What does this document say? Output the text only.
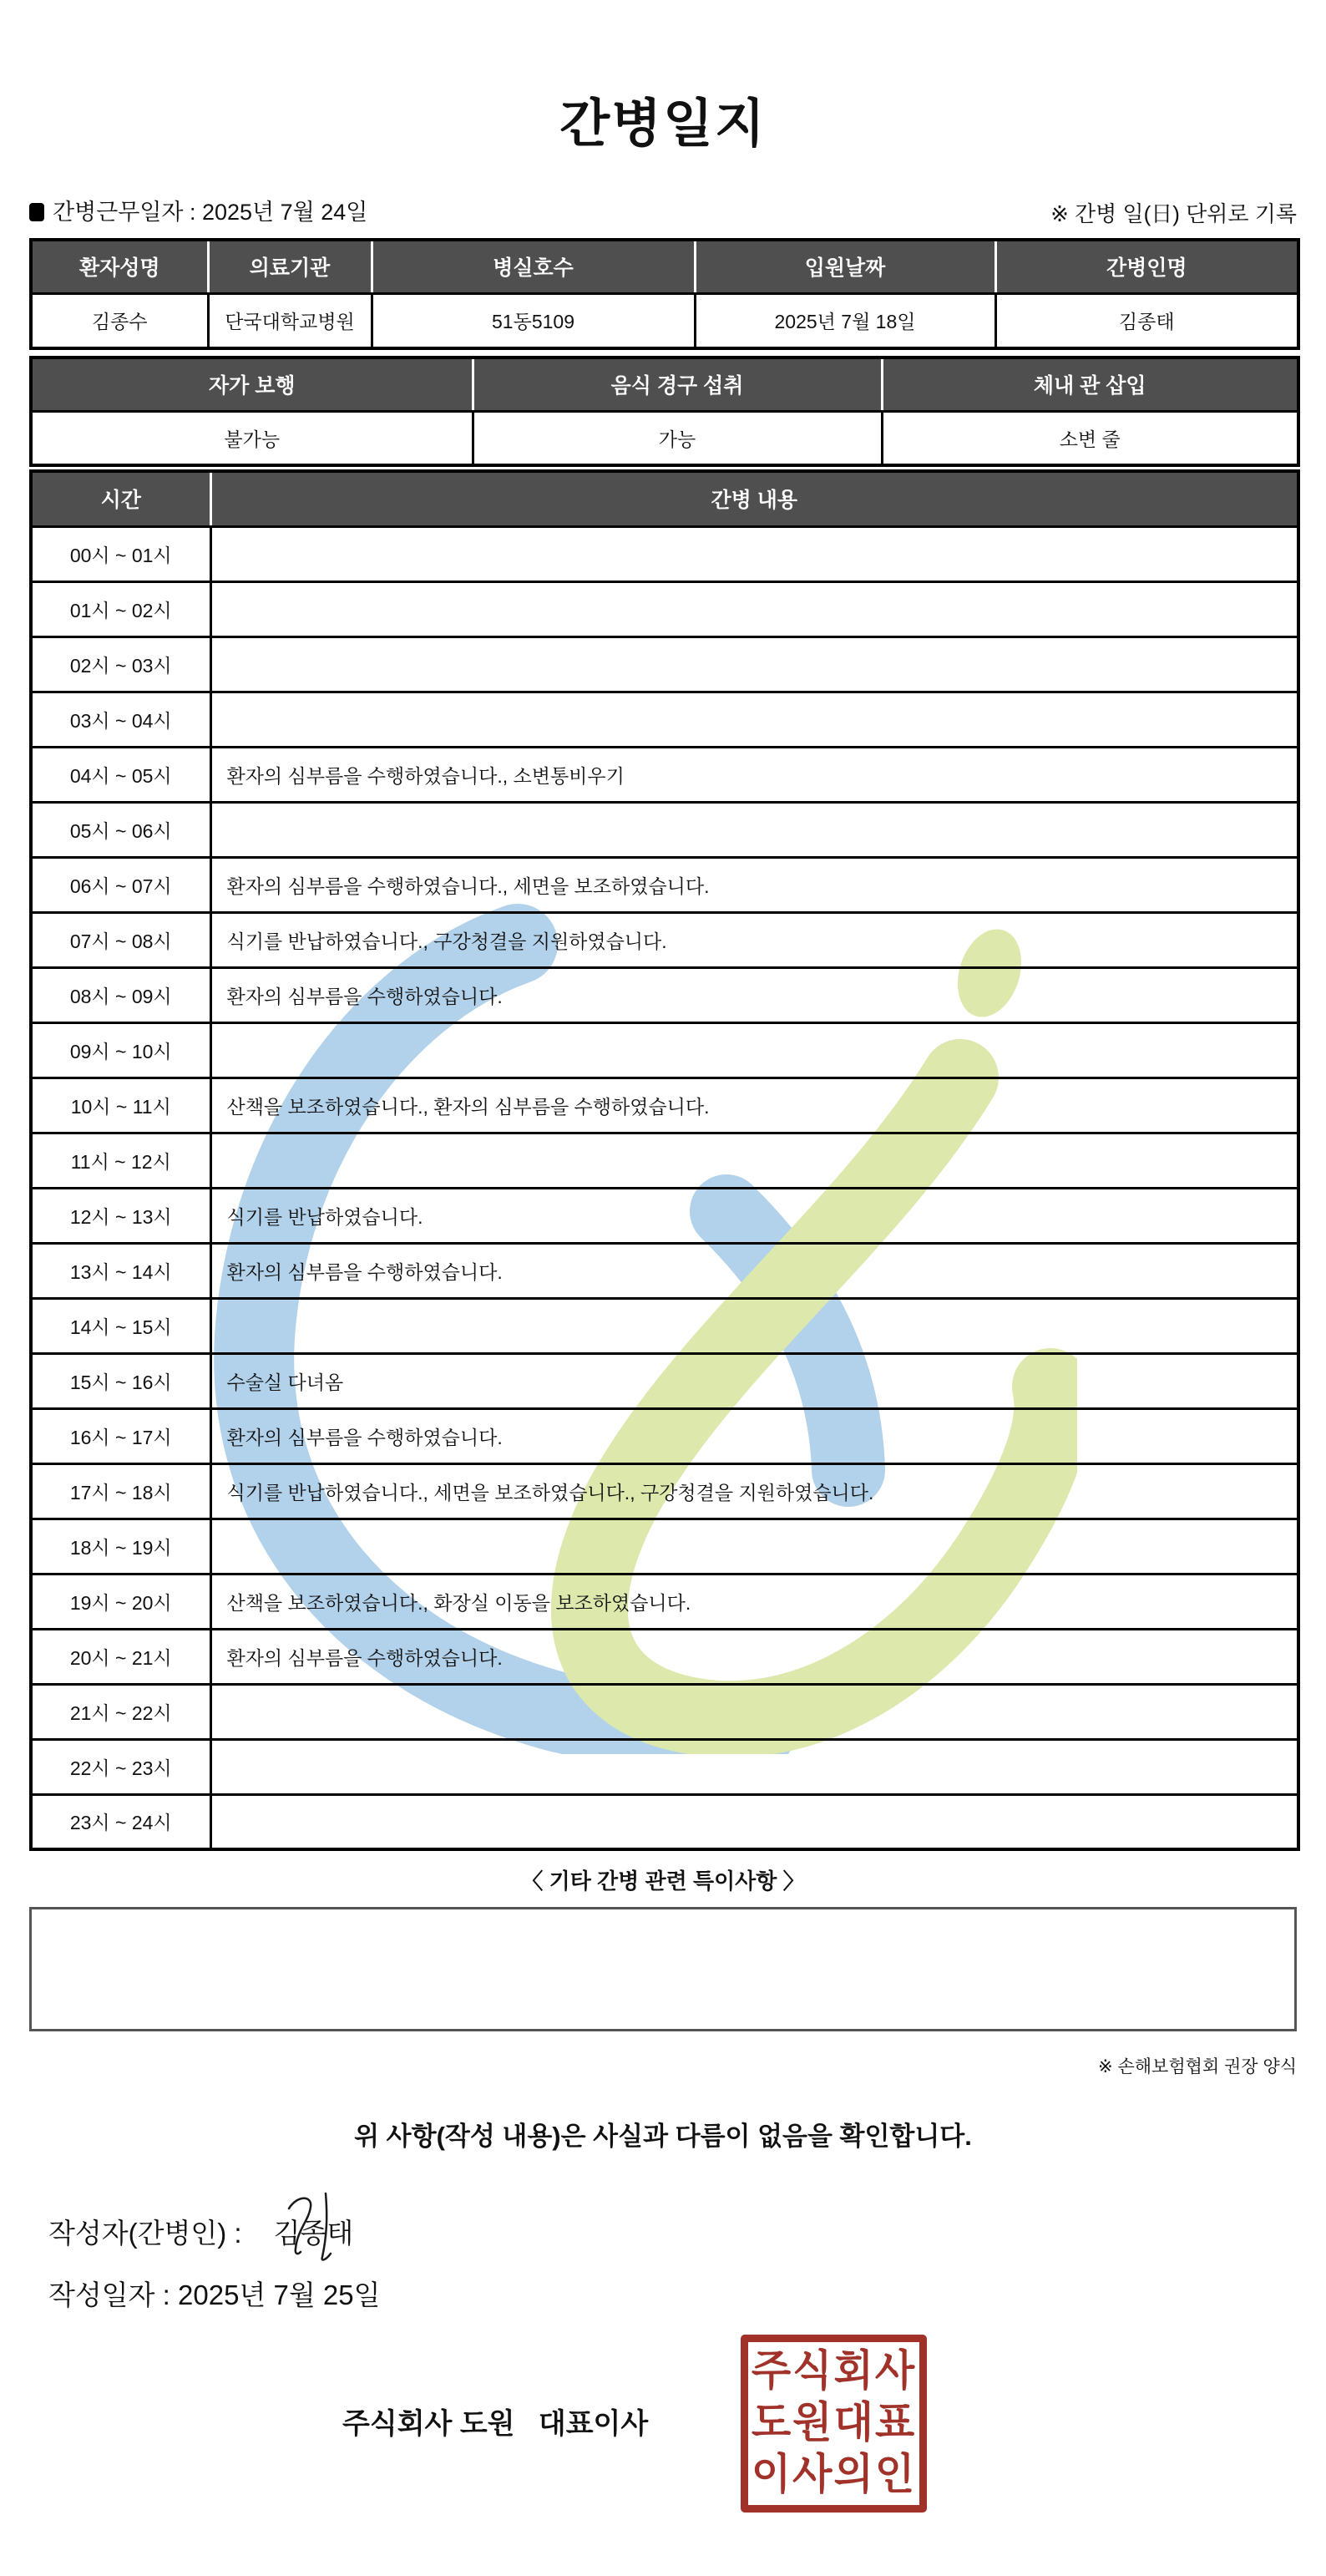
간병일지
간병근무일자 : 2025년 7월 24일	※ 간병 일(日) 단위로 기록
환자성명	의료기관	병실호수	입원날짜	간병인명
김종수	단국대학교병원	51동5109	2025년 7월 18일	김종태
자가 보행	음식 경구 섭취	체내 관 삽입
불가능	가능	소변 줄
시간	간병 내용
00시 ~ 01시	
01시 ~ 02시	
02시 ~ 03시	
03시 ~ 04시	
04시 ~ 05시	환자의 심부름을 수행하였습니다., 소변통비우기
05시 ~ 06시	
06시 ~ 07시	환자의 심부름을 수행하였습니다., 세면을 보조하였습니다.
07시 ~ 08시	식기를 반납하였습니다., 구강청결을 지원하였습니다.
08시 ~ 09시	환자의 심부름을 수행하였습니다.
09시 ~ 10시	
10시 ~ 11시	산책을 보조하였습니다., 환자의 심부름을 수행하였습니다.
11시 ~ 12시	
12시 ~ 13시	식기를 반납하였습니다.
13시 ~ 14시	환자의 심부름을 수행하였습니다.
14시 ~ 15시	
15시 ~ 16시	수술실 다녀옴
16시 ~ 17시	환자의 심부름을 수행하였습니다.
17시 ~ 18시	식기를 반납하였습니다., 세면을 보조하였습니다., 구강청결을 지원하였습니다.
18시 ~ 19시	
19시 ~ 20시	산책을 보조하였습니다., 화장실 이동을 보조하였습니다.
20시 ~ 21시	환자의 심부름을 수행하였습니다.
21시 ~ 22시	
22시 ~ 23시	
23시 ~ 24시	
〈 기타 간병 관련 특이사항 〉
※ 손해보험협회 권장 양식
위 사항(작성 내용)은 사실과 다름이 없음을 확인합니다.
작성자(간병인) : 김종태
작성일자 : 2025년 7월 25일
주식회사 도원   대표이사
주식회사
도원대표
이사의인
